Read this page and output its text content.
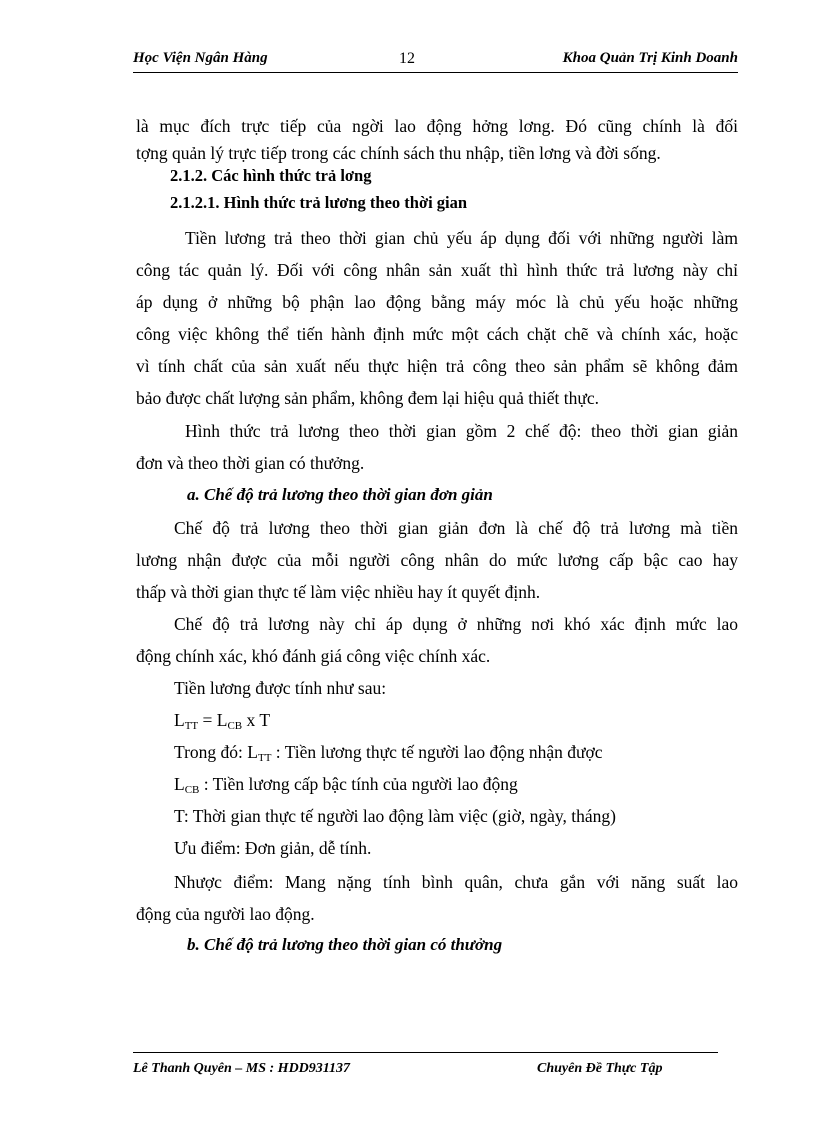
Học Viện Ngân Hàng	12	Khoa Quản Trị Kinh Doanh
là mục đích trực tiếp của ngời lao động hởng lơng. Đó cũng chính là đối
tợng quản lý trực tiếp trong các chính sách thu nhập, tiền lơng và đời sống.
2.1.2. Các hình thức trả lơng
2.1.2.1. Hình thức trả lương theo thời gian
Tiền lương trả theo thời gian chủ yếu áp dụng đối với những người làm
công tác quản lý. Đối với công nhân sản xuất thì hình thức trả lương này chỉ
áp dụng ở những bộ phận lao động bằng máy móc là chủ yếu hoặc những
công việc không thể tiến hành định mức một cách chặt chẽ và chính xác, hoặc
vì tính chất của sản xuất nếu thực hiện trả công theo sản phẩm sẽ không đảm
bảo được chất lượng sản phẩm, không đem lại hiệu quả thiết thực.
Hình thức trả lương theo thời gian gồm 2 chế độ: theo thời gian giản
đơn và theo thời gian có thưởng.
a. Chế độ trả lương theo thời gian đơn giản
Chế độ trả lương theo thời gian giản đơn là chế độ trả lương mà tiền
lương nhận được của mỗi người công nhân do mức lương cấp bậc cao hay
thấp và thời gian thực tế làm việc nhiều hay ít quyết định.
Chế độ trả lương này chỉ áp dụng ở những nơi khó xác định mức lao
động chính xác, khó đánh giá công việc chính xác.
Tiền lương được tính như sau:
$L_{TT} = L_{CB}$ x T
Trong đó: $L_{TT}$ : Tiền lương thực tế người lao động nhận được
$L_{CB}$ : Tiền lương cấp bậc tính của người lao động
T: Thời gian thực tế người lao động làm việc (giờ, ngày, tháng)
Ưu điểm: Đơn giản, dễ tính.
Nhược điểm: Mang nặng tính bình quân, chưa gắn với năng suất lao
động của người lao động.
b. Chế độ trả lương theo thời gian có thưởng
Lê Thanh Quyên – MS : HDD931137	Chuyên Đề Thực Tập
